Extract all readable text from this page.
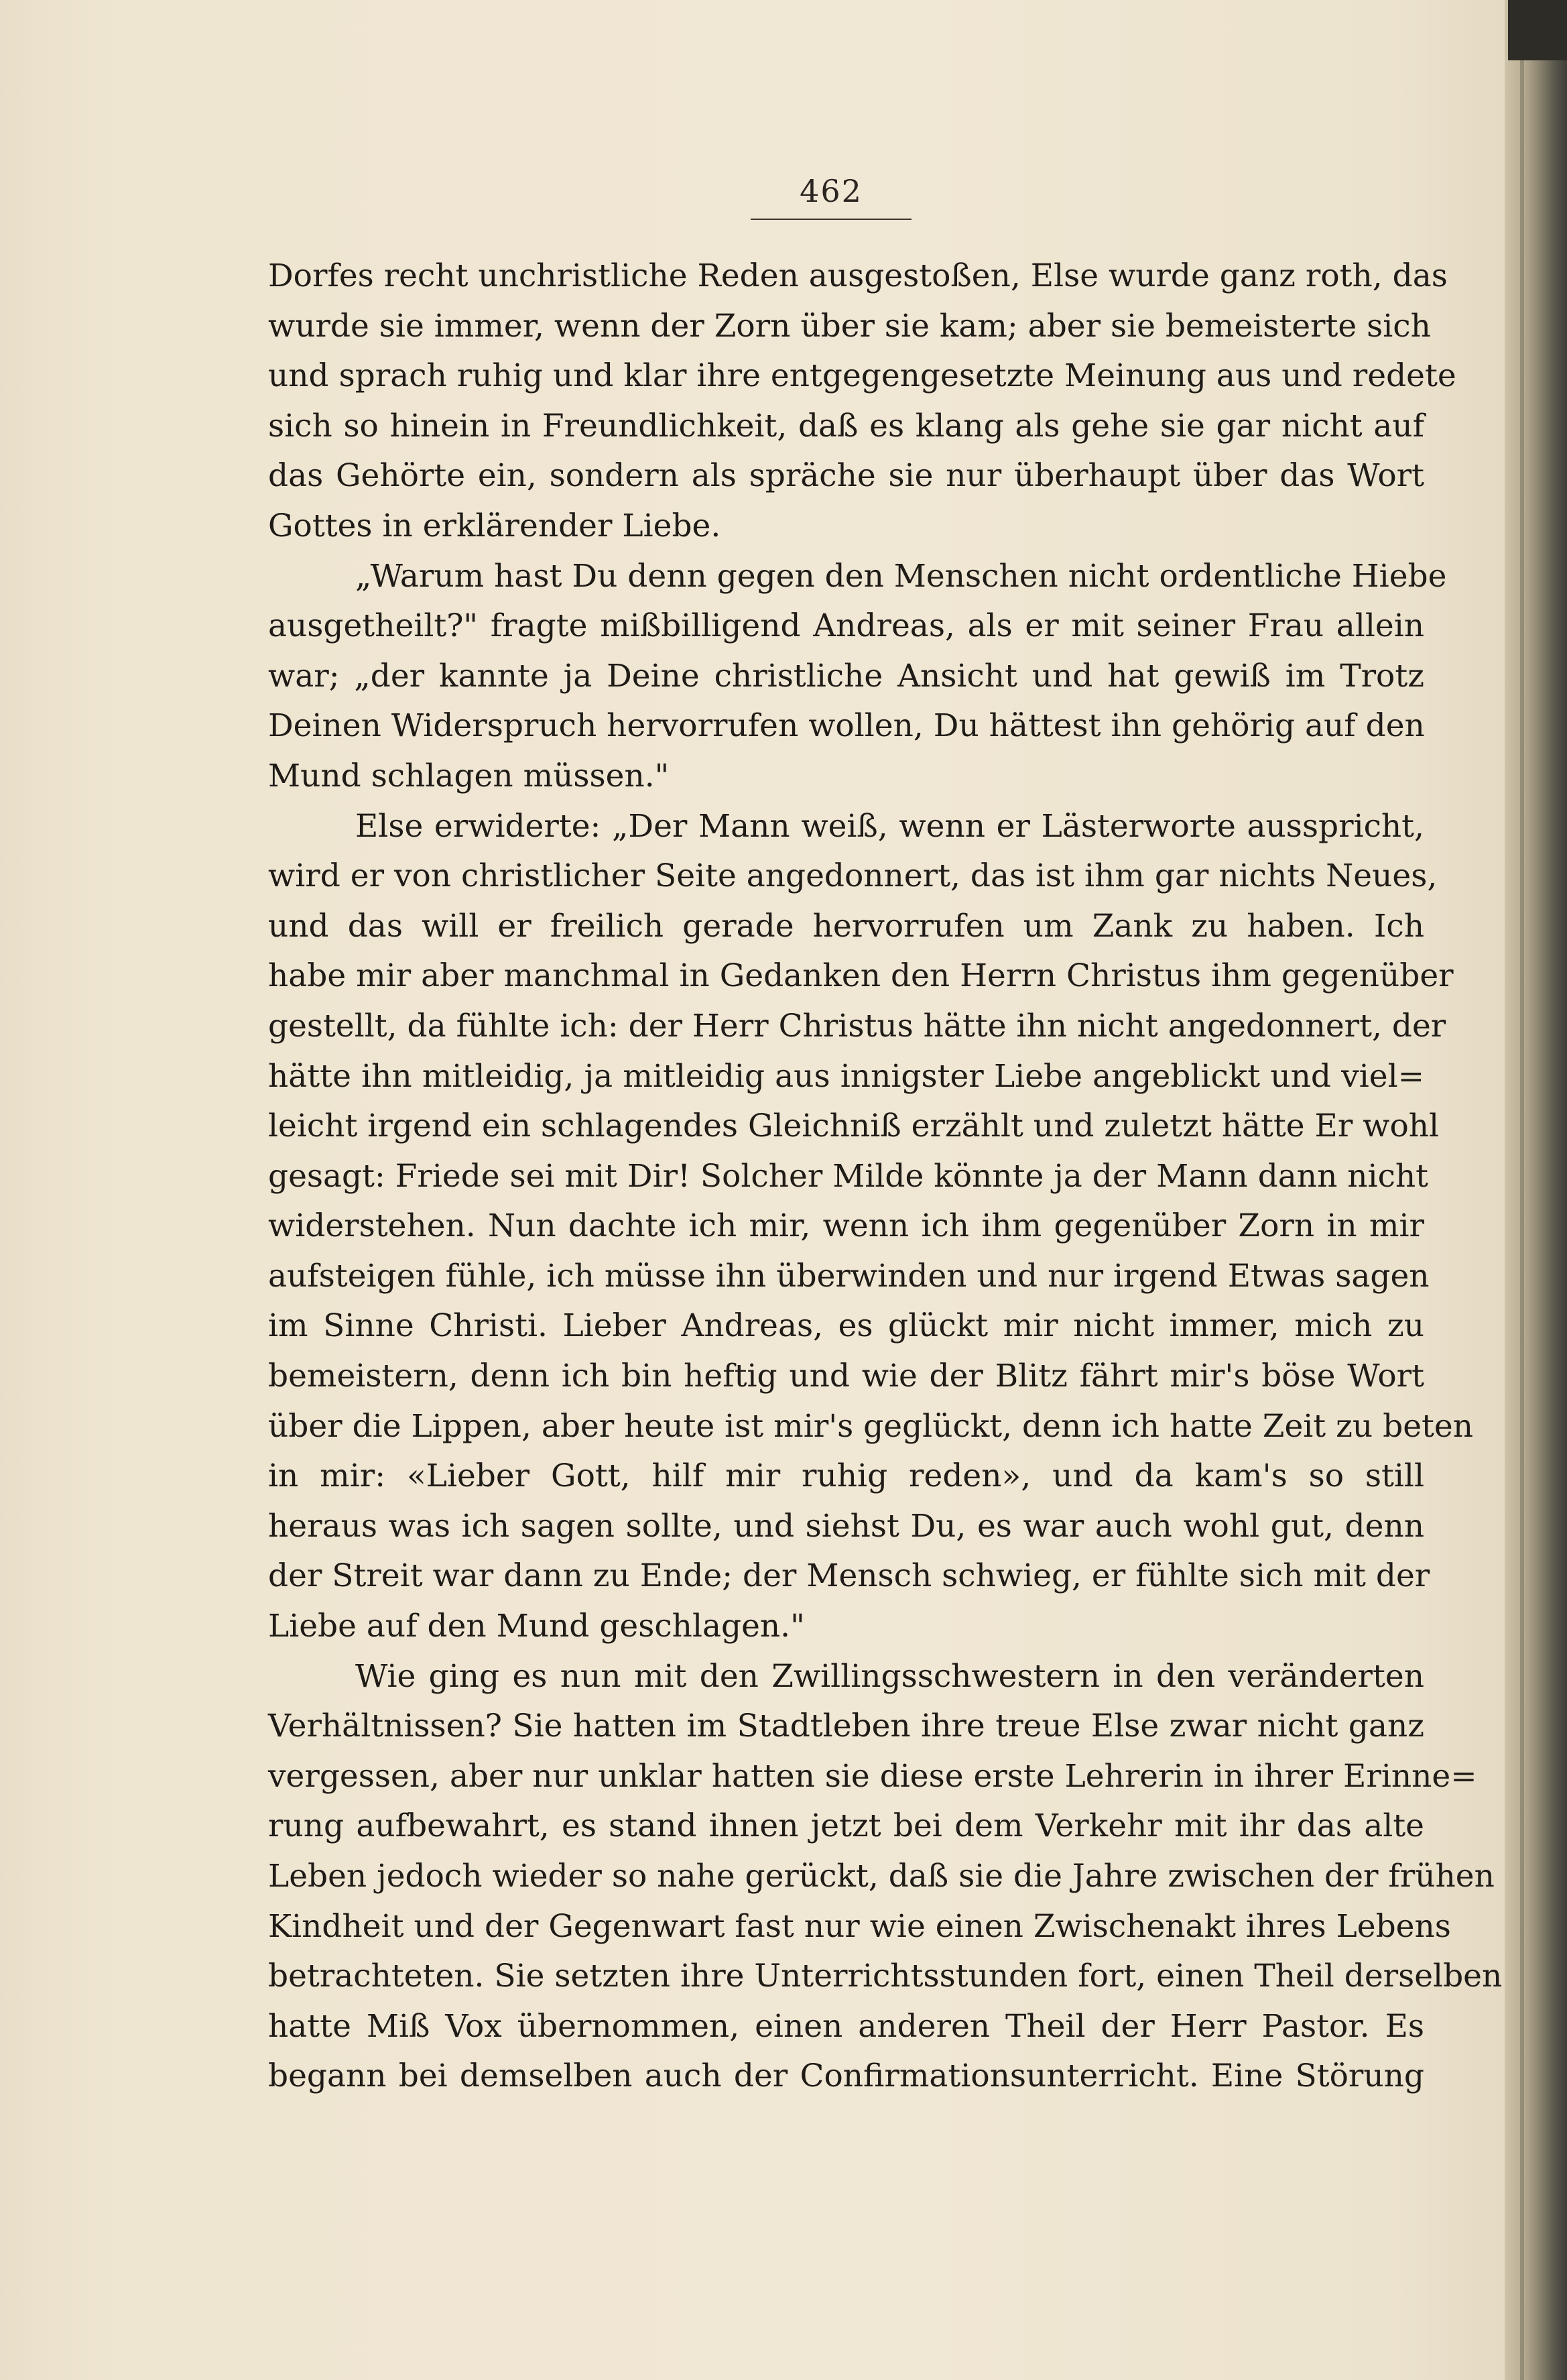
462
Dorfes recht unchristliche Reden ausgestoßen, Else wurde ganz roth, das
wurde sie immer, wenn der Zorn über sie kam; aber sie bemeisterte sich
und sprach ruhig und klar ihre entgegengesetzte Meinung aus und redete
sich so hinein in Freundlichkeit, daß es klang als gehe sie gar nicht auf
das Gehörte ein, sondern als spräche sie nur überhaupt über das Wort
Gottes in erklärender Liebe.
„Warum hast Du denn gegen den Menschen nicht ordentliche Hiebe
ausgetheilt?" fragte mißbilligend Andreas, als er mit seiner Frau allein
war; „der kannte ja Deine christliche Ansicht und hat gewiß im Trotz
Deinen Widerspruch hervorrufen wollen, Du hättest ihn gehörig auf den
Mund schlagen müssen."
Else erwiderte: „Der Mann weiß, wenn er Lästerworte ausspricht,
wird er von christlicher Seite angedonnert, das ist ihm gar nichts Neues,
und das will er freilich gerade hervorrufen um Zank zu haben. Ich
habe mir aber manchmal in Gedanken den Herrn Christus ihm gegenüber
gestellt, da fühlte ich: der Herr Christus hätte ihn nicht angedonnert, der
hätte ihn mitleidig, ja mitleidig aus innigster Liebe angeblickt und viel=
leicht irgend ein schlagendes Gleichniß erzählt und zuletzt hätte Er wohl
gesagt: Friede sei mit Dir! Solcher Milde könnte ja der Mann dann nicht
widerstehen. Nun dachte ich mir, wenn ich ihm gegenüber Zorn in mir
aufsteigen fühle, ich müsse ihn überwinden und nur irgend Etwas sagen
im Sinne Christi. Lieber Andreas, es glückt mir nicht immer, mich zu
bemeistern, denn ich bin heftig und wie der Blitz fährt mir's böse Wort
über die Lippen, aber heute ist mir's geglückt, denn ich hatte Zeit zu beten
in mir: «Lieber Gott, hilf mir ruhig reden», und da kam's so still
heraus was ich sagen sollte, und siehst Du, es war auch wohl gut, denn
der Streit war dann zu Ende; der Mensch schwieg, er fühlte sich mit der
Liebe auf den Mund geschlagen."
Wie ging es nun mit den Zwillingsschwestern in den veränderten
Verhältnissen? Sie hatten im Stadtleben ihre treue Else zwar nicht ganz
vergessen, aber nur unklar hatten sie diese erste Lehrerin in ihrer Erinne=
rung aufbewahrt, es stand ihnen jetzt bei dem Verkehr mit ihr das alte
Leben jedoch wieder so nahe gerückt, daß sie die Jahre zwischen der frühen
Kindheit und der Gegenwart fast nur wie einen Zwischenakt ihres Lebens
betrachteten. Sie setzten ihre Unterrichtsstunden fort, einen Theil derselben
hatte Miß Vox übernommen, einen anderen Theil der Herr Pastor. Es
begann bei demselben auch der Confirmationsunterricht. Eine Störung
